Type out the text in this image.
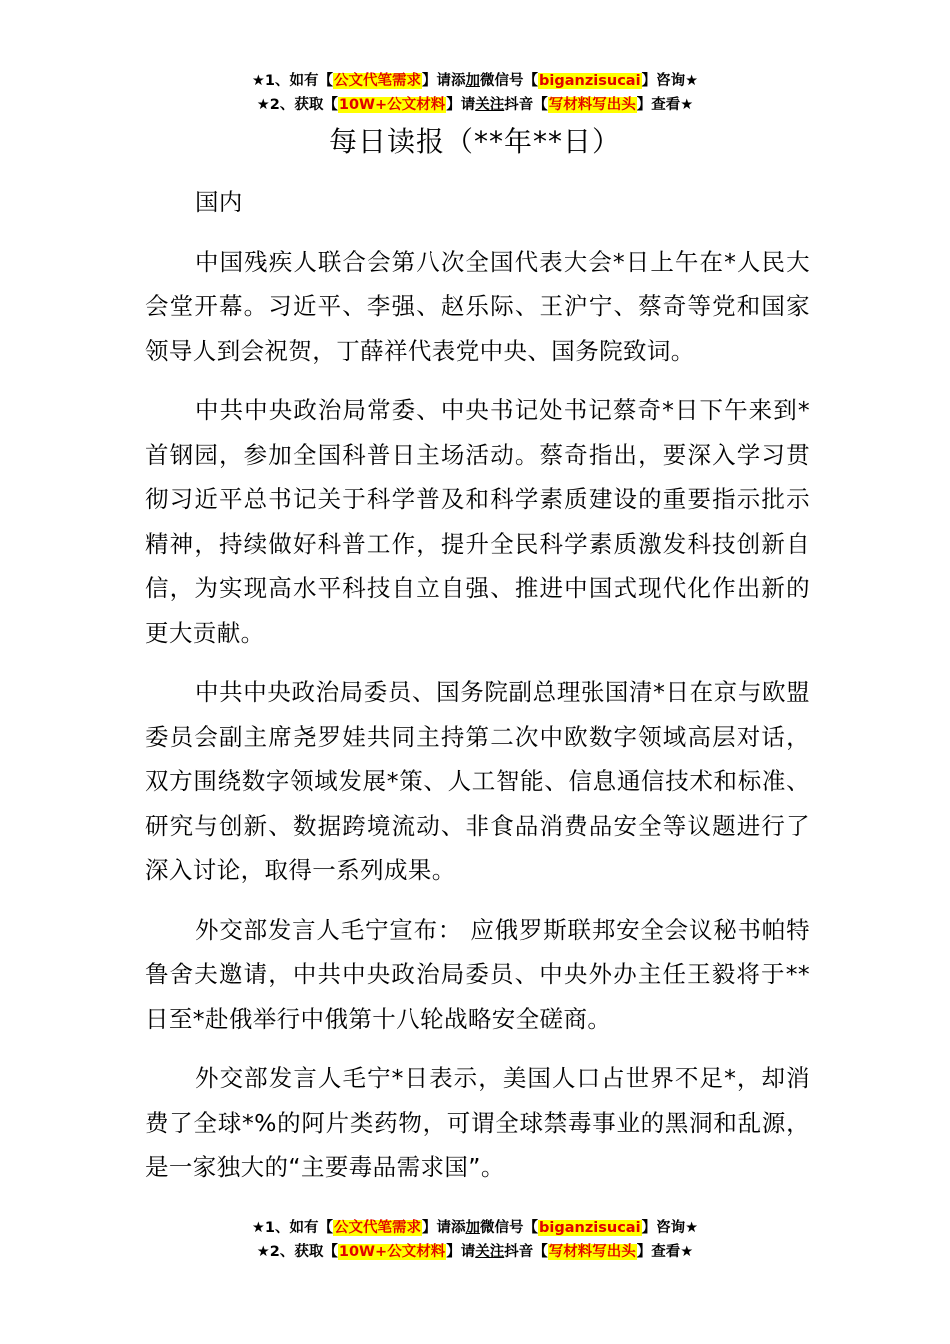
★1、如有【公文代笔需求】请添加微信号【biganzisucai】咨询★
★2、获取【10W+公文材料】请关注抖音【写材料写出头】查看★
每日读报（**年**日）

国内

中国残疾人联合会第八次全国代表大会*日上午在*人民大会堂开幕。习近平、李强、赵乐际、王沪宁、蔡奇等党和国家领导人到会祝贺，丁薛祥代表党中央、国务院致词。

中共中央政治局常委、中央书记处书记蔡奇*日下午来到*首钢园，参加全国科普日主场活动。蔡奇指出，要深入学习贯彻习近平总书记关于科学普及和科学素质建设的重要指示批示精神，持续做好科普工作，提升全民科学素质激发科技创新自信，为实现高水平科技自立自强、推进中国式现代化作出新的更大贡献。

中共中央政治局委员、国务院副总理张国清*日在京与欧盟委员会副主席尧罗娃共同主持第二次中欧数字领域高层对话，双方围绕数字领域发展*策、人工智能、信息通信技术和标准、研究与创新、数据跨境流动、非食品消费品安全等议题进行了深入讨论，取得一系列成果。

外交部发言人毛宁宣布： 应俄罗斯联邦安全会议秘书帕特鲁舍夫邀请，中共中央政治局委员、中央外办主任王毅将于**日至*赴俄举行中俄第十八轮战略安全磋商。

外交部发言人毛宁*日表示，美国人口占世界不足*，却消费了全球*%的阿片类药物，可谓全球禁毒事业的黑洞和乱源，是一家独大的“主要毒品需求国”。

★1、如有【公文代笔需求】请添加微信号【biganzisucai】咨询★
★2、获取【10W+公文材料】请关注抖音【写材料写出头】查看★
